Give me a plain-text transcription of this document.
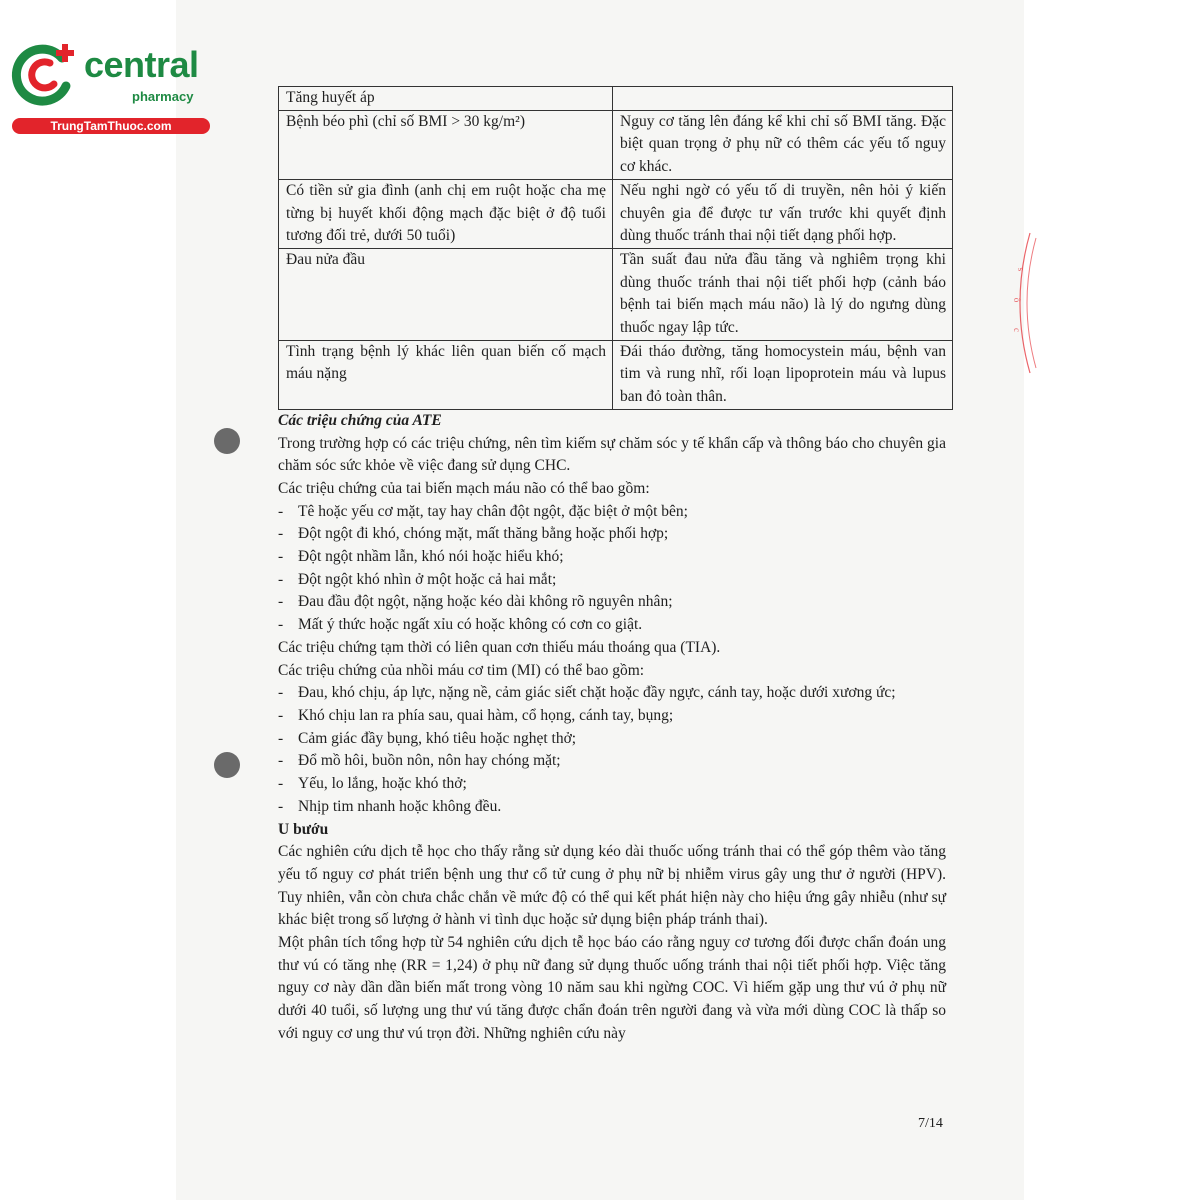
central
pharmacy
TrungTamThuoc.com
s
ô
c
Tăng huyết áp	
Bệnh béo phì (chỉ số BMI > 30 kg/m²)	Nguy cơ tăng lên đáng kể khi chỉ số BMI tăng. Đặc biệt quan trọng ở phụ nữ có thêm các yếu tố nguy cơ khác.
Có tiền sử gia đình (anh chị em ruột hoặc cha mẹ từng bị huyết khối động mạch đặc biệt ở độ tuổi tương đối trẻ, dưới 50 tuổi)	Nếu nghi ngờ có yếu tố di truyền, nên hỏi ý kiến chuyên gia để được tư vấn trước khi quyết định dùng thuốc tránh thai nội tiết dạng phối hợp.
Đau nửa đầu	Tần suất đau nửa đầu tăng và nghiêm trọng khi dùng thuốc tránh thai nội tiết phối hợp (cảnh báo bệnh tai biến mạch máu não) là lý do ngưng dùng thuốc ngay lập tức.
Tình trạng bệnh lý khác liên quan biến cố mạch máu nặng	Đái tháo đường, tăng homocystein máu, bệnh van tim và rung nhĩ, rối loạn lipoprotein máu và lupus ban đỏ toàn thân.
Các triệu chứng của ATE

Trong trường hợp có các triệu chứng, nên tìm kiếm sự chăm sóc y tế khẩn cấp và thông báo cho chuyên gia chăm sóc sức khỏe về việc đang sử dụng CHC.

Các triệu chứng của tai biến mạch máu não có thể bao gồm:

- Tê hoặc yếu cơ mặt, tay hay chân đột ngột, đặc biệt ở một bên;
- Đột ngột đi khó, chóng mặt, mất thăng bằng hoặc phối hợp;
- Đột ngột nhầm lẫn, khó nói hoặc hiểu khó;
- Đột ngột khó nhìn ở một hoặc cả hai mắt;
- Đau đầu đột ngột, nặng hoặc kéo dài không rõ nguyên nhân;
- Mất ý thức hoặc ngất xỉu có hoặc không có cơn co giật.

Các triệu chứng tạm thời có liên quan cơn thiếu máu thoáng qua (TIA).

Các triệu chứng của nhồi máu cơ tim (MI) có thể bao gồm:

- Đau, khó chịu, áp lực, nặng nề, cảm giác siết chặt hoặc đầy ngực, cánh tay, hoặc dưới xương ức;
- Khó chịu lan ra phía sau, quai hàm, cổ họng, cánh tay, bụng;
- Cảm giác đầy bụng, khó tiêu hoặc nghẹt thở;
- Đổ mồ hôi, buồn nôn, nôn hay chóng mặt;
- Yếu, lo lắng, hoặc khó thở;
- Nhịp tim nhanh hoặc không đều.
U bướu

Các nghiên cứu dịch tễ học cho thấy rằng sử dụng kéo dài thuốc uống tránh thai có thể góp thêm vào tăng yếu tố nguy cơ phát triển bệnh ung thư cổ tử cung ở phụ nữ bị nhiễm virus gây ung thư ở người (HPV). Tuy nhiên, vẫn còn chưa chắc chắn về mức độ có thể qui kết phát hiện này cho hiệu ứng gây nhiễu (như sự khác biệt trong số lượng ở hành vi tình dục hoặc sử dụng biện pháp tránh thai).

Một phân tích tổng hợp từ 54 nghiên cứu dịch tễ học báo cáo rằng nguy cơ tương đối được chẩn đoán ung thư vú có tăng nhẹ (RR = 1,24) ở phụ nữ đang sử dụng thuốc uống tránh thai nội tiết phối hợp. Việc tăng nguy cơ này dần dần biến mất trong vòng 10 năm sau khi ngừng COC. Vì hiếm gặp ung thư vú ở phụ nữ dưới 40 tuổi, số lượng ung thư vú tăng được chẩn đoán trên người đang và vừa mới dùng COC là thấp so với nguy cơ ung thư vú trọn đời. Những nghiên cứu này

7/14
